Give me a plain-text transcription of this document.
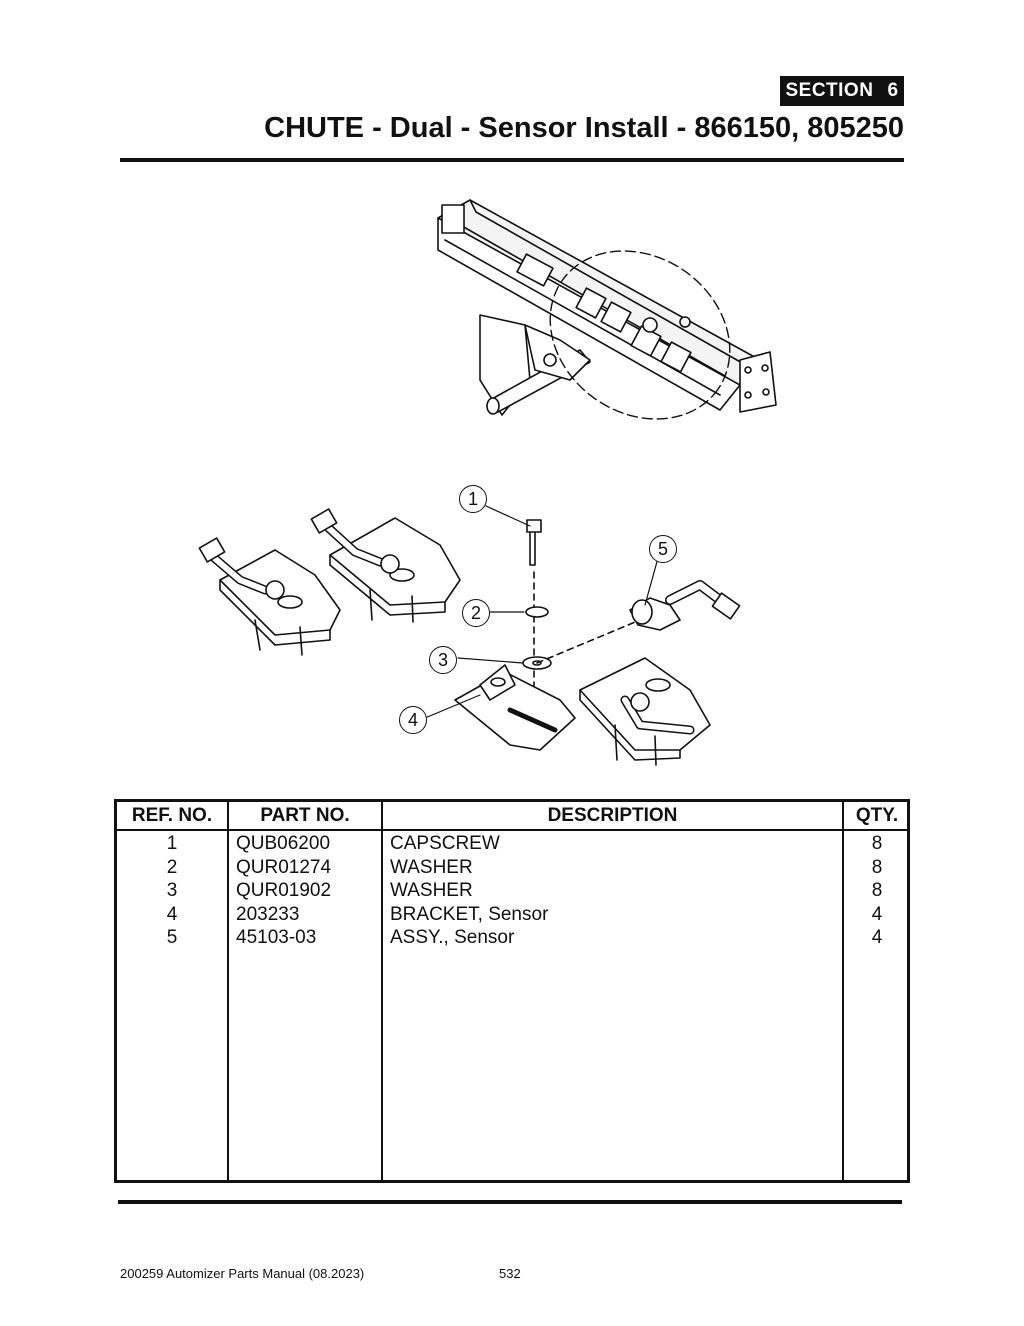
SECTION 6
CHUTE - Dual - Sensor Install - 866150, 805250
1
2
3
4
5
REF. NO.	PART NO.	DESCRIPTION	QTY.
1	QUB06200	CAPSCREW	8
2	QUR01274	WASHER	8
3	QUR01902	WASHER	8
4	203233	BRACKET, Sensor	4
5	45103-03	ASSY., Sensor	4
200259 Automizer Parts Manual (08.2023)	532
